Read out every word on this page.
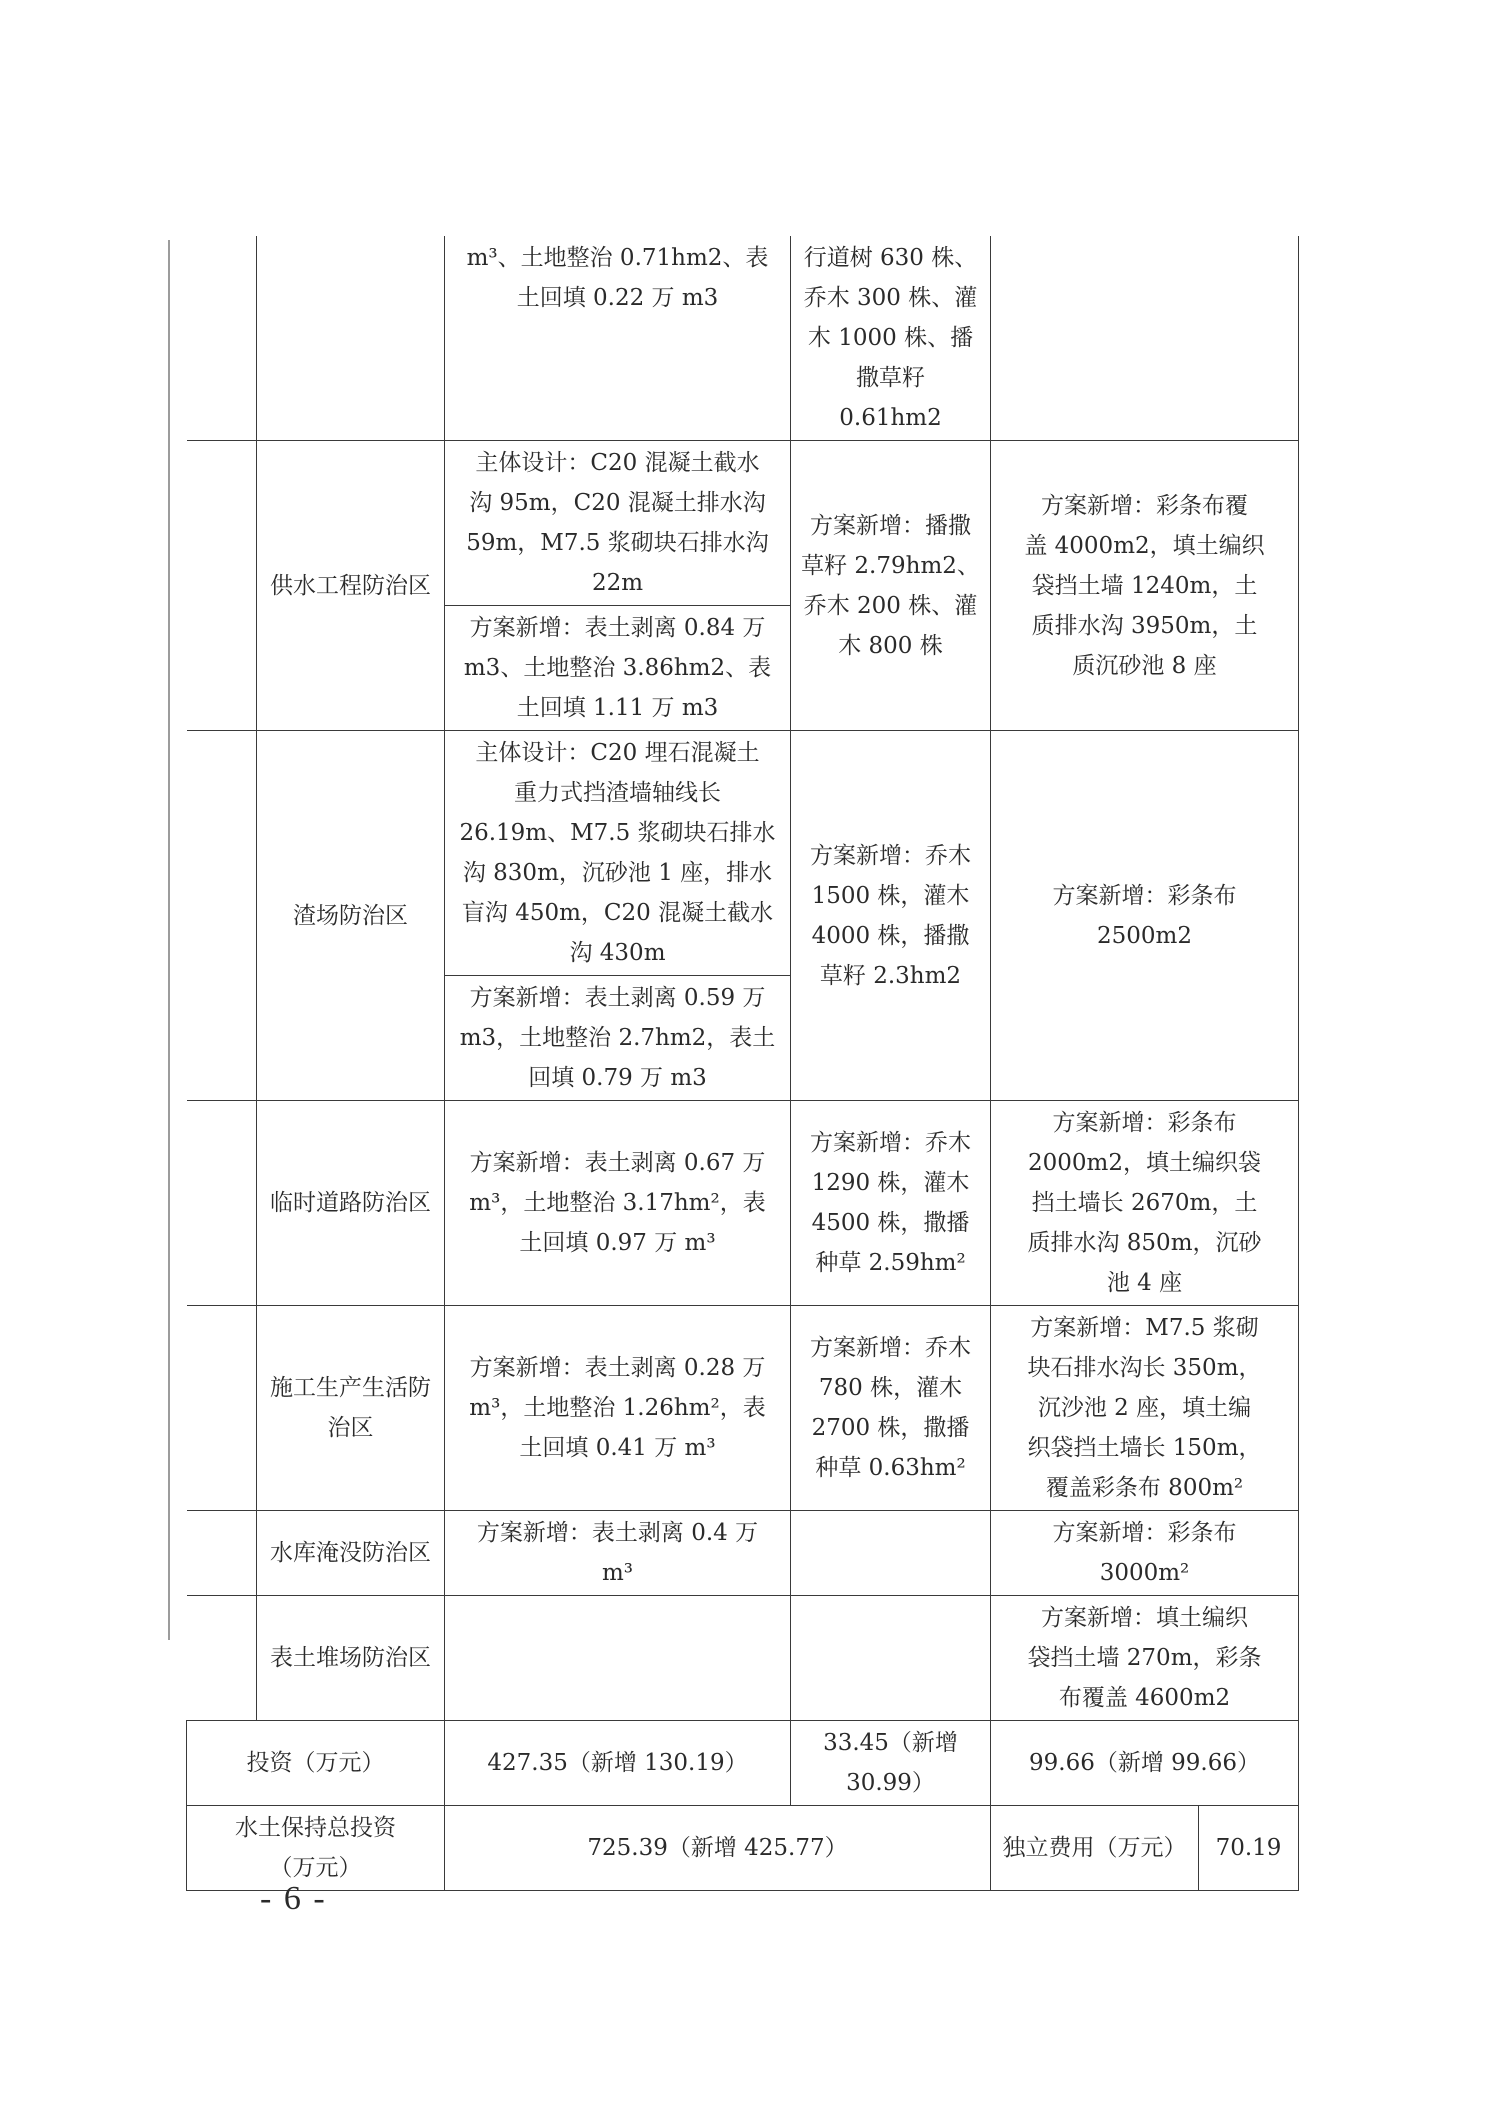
		m³、土地整治 0.71hm2、表
土回填 0.22 万 m3	行道树 630 株、
乔木 300 株、灌
木 1000 株、播
撒草籽
0.61hm2	
	供水工程防治区	
主体设计：C20 混凝土截水
沟 95m，C20 混凝土排水沟
59m，M7.5 浆砌块石排水沟
22m
方案新增：表土剥离 0.84 万
m3、土地整治 3.86hm2、表
土回填 1.11 万 m3
	方案新增：播撒
草籽 2.79hm2、
乔木 200 株、灌
木 800 株	方案新增：彩条布覆
盖 4000m2，填土编织
袋挡土墙 1240m，土
质排水沟 3950m，土
质沉砂池 8 座
	渣场防治区	
主体设计：C20 埋石混凝土
重力式挡渣墙轴线长
26.19m、M7.5 浆砌块石排水
沟 830m，沉砂池 1 座，排水
盲沟 450m，C20 混凝土截水
沟 430m
方案新增：表土剥离 0.59 万
m3，土地整治 2.7hm2，表土
回填 0.79 万 m3
	方案新增：乔木
1500 株，灌木
4000 株，播撒
草籽 2.3hm2	方案新增：彩条布
2500m2
	临时道路防治区	方案新增：表土剥离 0.67 万
m³，土地整治 3.17hm²，表
土回填 0.97 万 m³	方案新增：乔木
1290 株，灌木
4500 株，撒播
种草 2.59hm²	方案新增：彩条布
2000m2，填土编织袋
挡土墙长 2670m，土
质排水沟 850m，沉砂
池 4 座
	施工生产生活防
治区	方案新增：表土剥离 0.28 万
m³，土地整治 1.26hm²，表
土回填 0.41 万 m³	方案新增：乔木
780 株，灌木
2700 株，撒播
种草 0.63hm²	方案新增：M7.5 浆砌
块石排水沟长 350m，
沉沙池 2 座，填土编
织袋挡土墙长 150m，
覆盖彩条布 800m²
	水库淹没防治区	方案新增：表土剥离 0.4 万
m³		方案新增：彩条布
3000m²
	表土堆场防治区			方案新增：填土编织
袋挡土墙 270m，彩条
布覆盖 4600m2
投资（万元）	427.35（新增 130.19）	33.45（新增
30.99）	99.66（新增 99.66）
水土保持总投资
（万元）	725.39（新增 425.77）	独立费用（万元）	70.19
- 6 -
